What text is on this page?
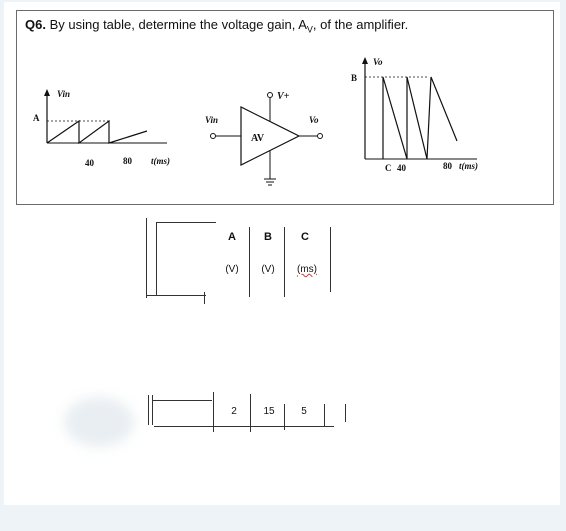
Q6. By using table, determine the voltage gain, $A_V$, of the amplifier.
Vin
A
40	80 t(ms)
Vin
AV
V+
Vo
Vo
B
C 40	80 t(ms)
A	B	C
(V)	(V)	(ms)
2	15	5
